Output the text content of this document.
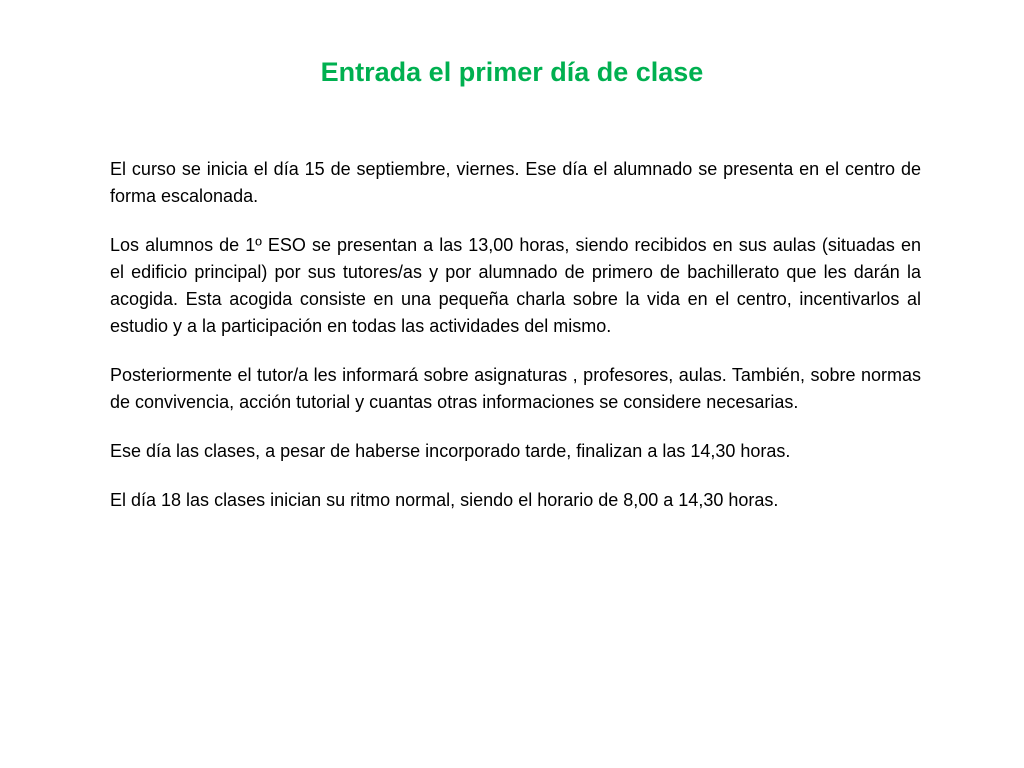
Entrada el primer día de clase

El curso se inicia el día 15 de septiembre, viernes. Ese día el alumnado se presenta en el centro de forma escalonada.

Los alumnos de 1º ESO se presentan a las 13,00 horas, siendo recibidos en sus aulas (situadas en el edificio principal) por sus tutores/as y por alumnado de primero de bachillerato que les darán la acogida. Esta acogida consiste en una pequeña charla sobre la vida en el centro, incentivarlos al estudio y a la participación en todas las actividades del mismo.

Posteriormente el tutor/a les informará sobre asignaturas , profesores, aulas. También, sobre normas de convivencia, acción tutorial y cuantas otras informaciones se considere necesarias.

Ese día las clases, a pesar de haberse incorporado tarde, finalizan a las 14,30 horas.

El día 18 las clases inician su ritmo normal, siendo el horario de 8,00 a 14,30 horas.
